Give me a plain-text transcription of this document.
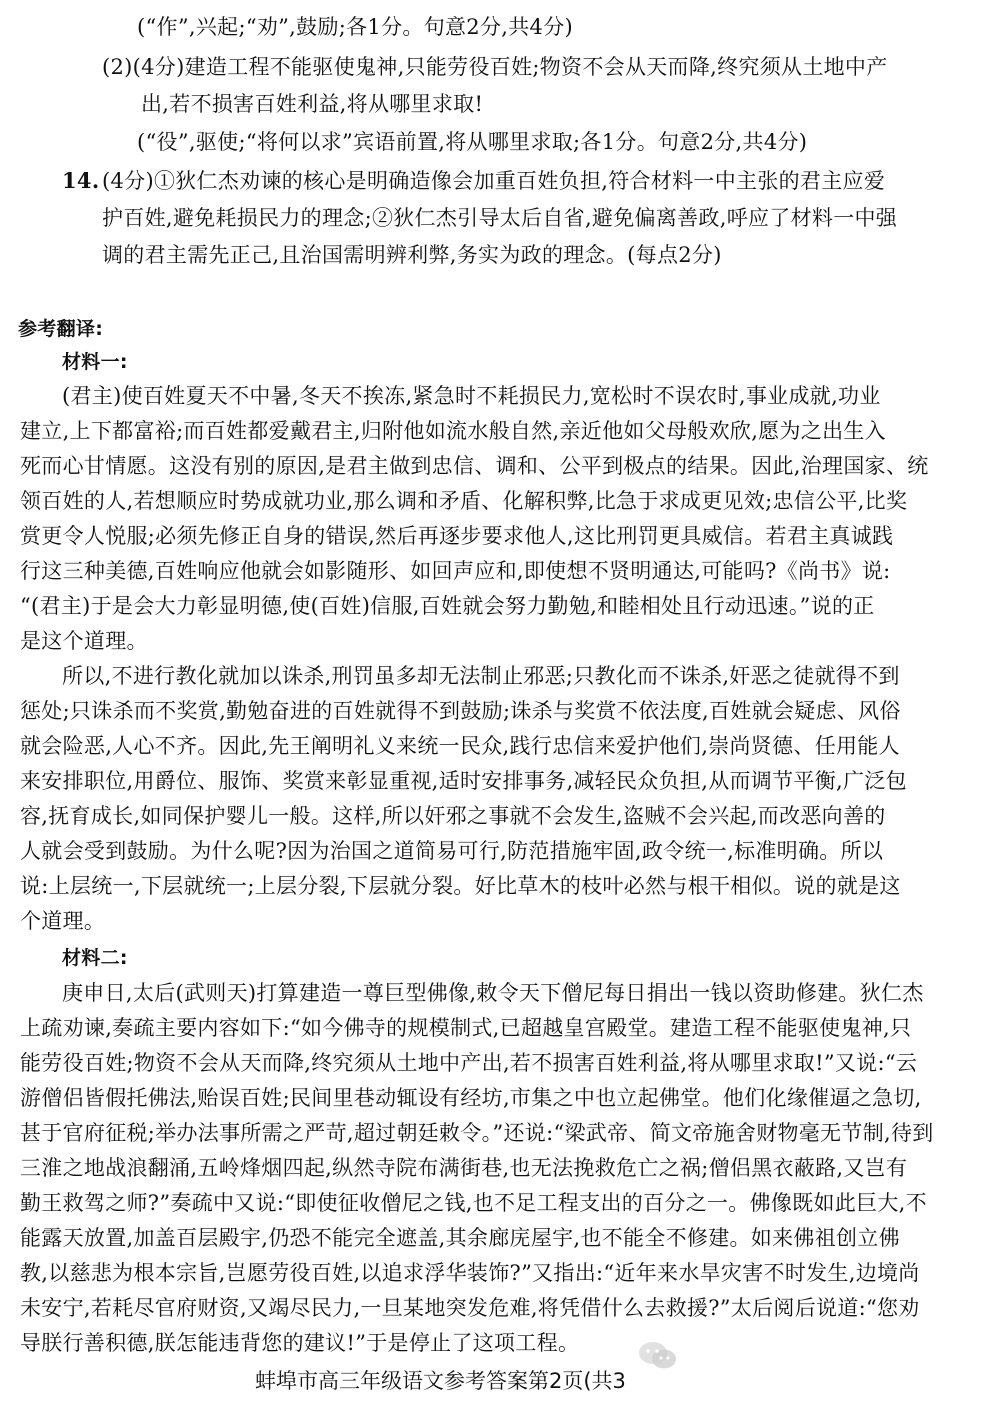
(“作”,兴起;“劝”,鼓励;各1分。句意2分,共4分)
(2)(4分)建造工程不能驱使鬼神,只能劳役百姓;物资不会从天而降,终究须从土地中产
出,若不损害百姓利益,将从哪里求取!
(“役”,驱使;“将何以求”宾语前置,将从哪里求取;各1分。句意2分,共4分)
14. (4分)①狄仁杰劝谏的核心是明确造像会加重百姓负担,符合材料一中主张的君主应爱
护百姓,避免耗损民力的理念;②狄仁杰引导太后自省,避免偏离善政,呼应了材料一中强
调的君主需先正己,且治国需明辨利弊,务实为政的理念。(每点2分)
参考翻译:
材料一:
(君主)使百姓夏天不中暑,冬天不挨冻,紧急时不耗损民力,宽松时不误农时,事业成就,功业
建立,上下都富裕;而百姓都爱戴君主,归附他如流水般自然,亲近他如父母般欢欣,愿为之出生入
死而心甘情愿。这没有别的原因,是君主做到忠信、调和、公平到极点的结果。因此,治理国家、统
领百姓的人,若想顺应时势成就功业,那么调和矛盾、化解积弊,比急于求成更见效;忠信公平,比奖
赏更令人悦服;必须先修正自身的错误,然后再逐步要求他人,这比刑罚更具威信。若君主真诚践
行这三种美德,百姓响应他就会如影随形、如回声应和,即使想不贤明通达,可能吗?《尚书》说:
“(君主)于是会大力彰显明德,使(百姓)信服,百姓就会努力勤勉,和睦相处且行动迅速。”说的正
是这个道理。
所以,不进行教化就加以诛杀,刑罚虽多却无法制止邪恶;只教化而不诛杀,奸恶之徒就得不到
惩处;只诛杀而不奖赏,勤勉奋进的百姓就得不到鼓励;诛杀与奖赏不依法度,百姓就会疑虑、风俗
就会险恶,人心不齐。因此,先王阐明礼义来统一民众,践行忠信来爱护他们,崇尚贤德、任用能人
来安排职位,用爵位、服饰、奖赏来彰显重视,适时安排事务,减轻民众负担,从而调节平衡,广泛包
容,抚育成长,如同保护婴儿一般。这样,所以奸邪之事就不会发生,盗贼不会兴起,而改恶向善的
人就会受到鼓励。为什么呢?因为治国之道简易可行,防范措施牢固,政令统一,标准明确。所以
说:上层统一,下层就统一;上层分裂,下层就分裂。好比草木的枝叶必然与根干相似。说的就是这
个道理。
材料二:
庚申日,太后(武则天)打算建造一尊巨型佛像,敕令天下僧尼每日捐出一钱以资助修建。狄仁杰
上疏劝谏,奏疏主要内容如下:“如今佛寺的规模制式,已超越皇宫殿堂。建造工程不能驱使鬼神,只
能劳役百姓;物资不会从天而降,终究须从土地中产出,若不损害百姓利益,将从哪里求取!”又说:“云
游僧侣皆假托佛法,贻误百姓;民间里巷动辄设有经坊,市集之中也立起佛堂。他们化缘催逼之急切,
甚于官府征税;举办法事所需之严苛,超过朝廷敕令。”还说:“梁武帝、简文帝施舍财物毫无节制,待到
三淮之地战浪翻涌,五岭烽烟四起,纵然寺院布满街巷,也无法挽救危亡之祸;僧侣黑衣蔽路,又岂有
勤王救驾之师?”奏疏中又说:“即使征收僧尼之钱,也不足工程支出的百分之一。佛像既如此巨大,不
能露天放置,加盖百层殿宇,仍恐不能完全遮盖,其余廊庑屋宇,也不能全不修建。如来佛祖创立佛
教,以慈悲为根本宗旨,岂愿劳役百姓,以追求浮华装饰?”又指出:“近年来水旱灾害不时发生,边境尚
未安宁,若耗尽官府财资,又竭尽民力,一旦某地突发危难,将凭借什么去救援?”太后阅后说道:“您劝
导朕行善积德,朕怎能违背您的建议!”于是停止了这项工程。
蚌埠市高三年级语文参考答案第2页(共3
